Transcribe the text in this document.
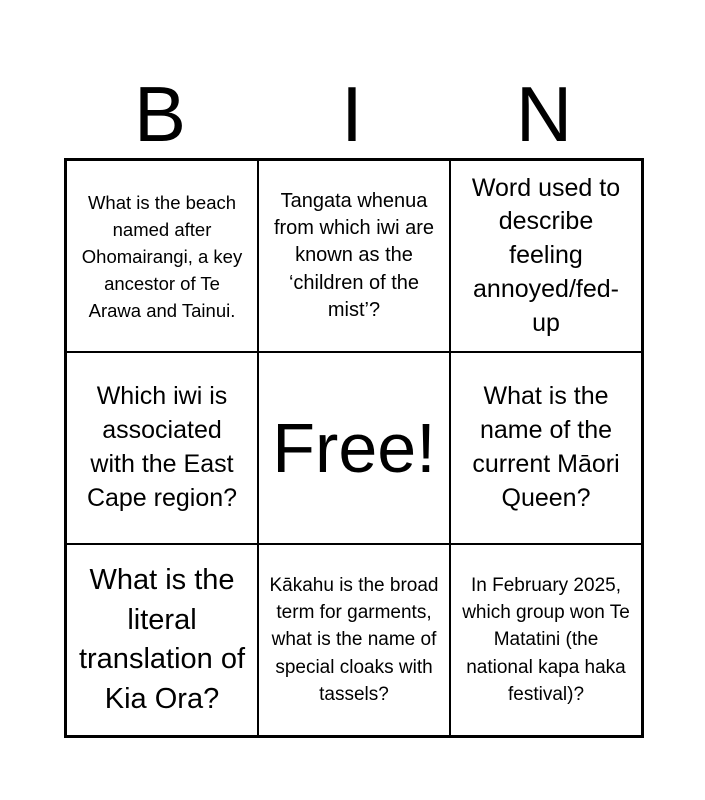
B	I	N
What is the beach named after Ohomairangi, a key ancestor of Te Arawa and Tainui.
Tangata whenua from which iwi are known as the ‘children of the mist’?
Word used to describe feeling annoyed/fed-up
Which iwi is associated with the East Cape region?
Free!
What is the name of the current Māori Queen?
What is the literal translation of Kia Ora?
Kākahu is the broad term for garments, what is the name of special cloaks with tassels?
In February 2025, which group won Te Matatini (the national kapa haka festival)?
